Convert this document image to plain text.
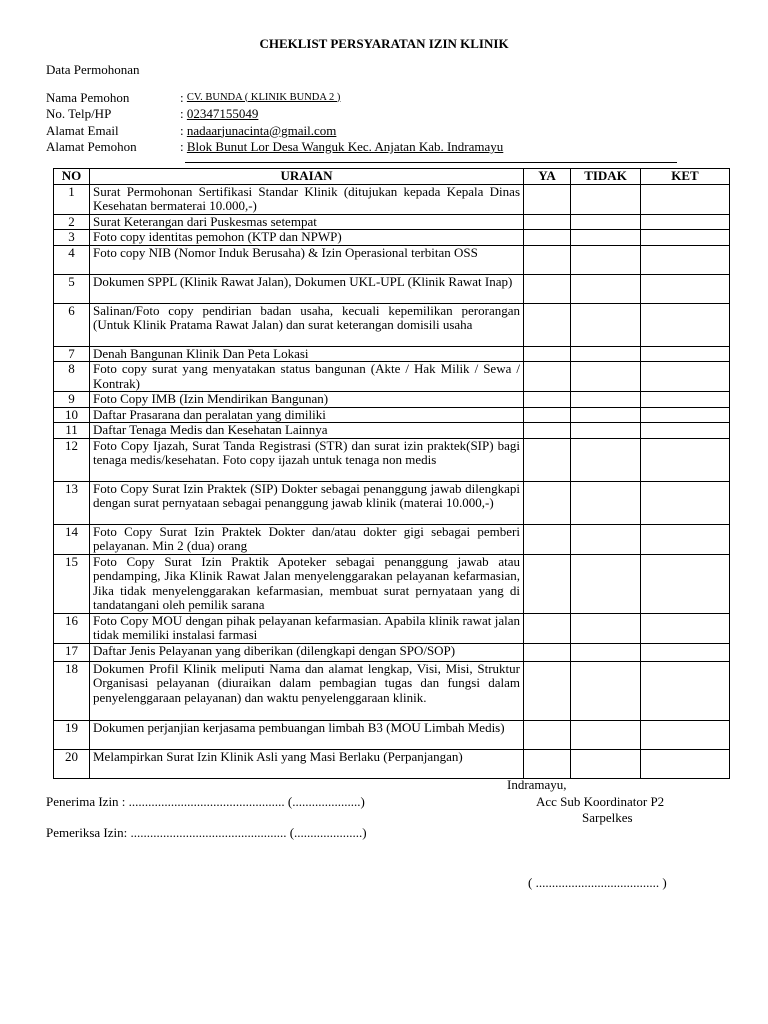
CHEKLIST PERSYARATAN IZIN KLINIK
Data Permohonan
Nama Pemohon	:
CV. BUNDA ( KLINIK BUNDA 2 )
No. Telp/HP	:
02347155049
Alamat Email	:
nadaarjunacinta@gmail.com
Alamat Pemohon	:
Blok Bunut Lor Desa Wanguk Kec. Anjatan Kab. Indramayu
NO	URAIAN	YA	TIDAK	KET
1	Surat Permohonan Sertifikasi Standar Klinik (ditujukan kepada Kepala Dinas Kesehatan bermaterai 10.000,-)			
2	Surat Keterangan dari Puskesmas setempat			
3	Foto copy identitas pemohon (KTP dan NPWP)			
4	Foto copy NIB (Nomor Induk Berusaha) & Izin Operasional terbitan OSS			
5	Dokumen SPPL (Klinik Rawat Jalan), Dokumen UKL-UPL (Klinik Rawat Inap)			
6	Salinan/Foto copy pendirian badan usaha, kecuali kepemilikan perorangan (Untuk Klinik Pratama Rawat Jalan) dan surat keterangan domisili usaha			
7	Denah Bangunan Klinik Dan Peta Lokasi			
8	Foto copy surat yang menyatakan status bangunan (Akte / Hak Milik / Sewa / Kontrak)			
9	Foto Copy IMB (Izin Mendirikan Bangunan)			
10	Daftar Prasarana dan peralatan yang dimiliki			
11	Daftar Tenaga Medis dan Kesehatan Lainnya			
12	Foto Copy Ijazah, Surat Tanda Registrasi (STR) dan surat izin praktek(SIP) bagi tenaga medis/kesehatan. Foto copy ijazah untuk tenaga non medis			
13	Foto Copy Surat Izin Praktek (SIP) Dokter sebagai penanggung jawab dilengkapi dengan surat pernyataan sebagai penanggung jawab klinik (materai 10.000,-)			
14	Foto Copy Surat Izin Praktek Dokter dan/atau dokter gigi sebagai pemberi pelayanan. Min 2 (dua) orang			
15	Foto Copy Surat Izin Praktik Apoteker sebagai penanggung jawab atau pendamping, Jika Klinik Rawat Jalan menyelenggarakan pelayanan kefarmasian, Jika tidak menyelenggarakan kefarmasian, membuat surat pernyataan yang di tandatangani oleh pemilik sarana			
16	Foto Copy MOU dengan pihak pelayanan kefarmasian. Apabila klinik rawat jalan tidak memiliki instalasi farmasi			
17	Daftar Jenis Pelayanan yang diberikan (dilengkapi dengan SPO/SOP)			
18	Dokumen Profil Klinik meliputi Nama dan alamat lengkap, Visi, Misi, Struktur Organisasi pelayanan (diuraikan dalam pembagian tugas dan fungsi dalam penyelenggaraan pelayanan) dan waktu penyelenggaraan klinik.			
19	Dokumen perjanjian kerjasama pembuangan limbah B3 (MOU Limbah Medis)			
20	Melampirkan Surat Izin Klinik Asli yang Masi Berlaku (Perpanjangan)			
Indramayu,
Acc Sub Koordinator P2
Sarpelkes
Penerima Izin : ................................................ (.....................)
Pemeriksa Izin: ................................................ (.....................)
( ...................................... )
